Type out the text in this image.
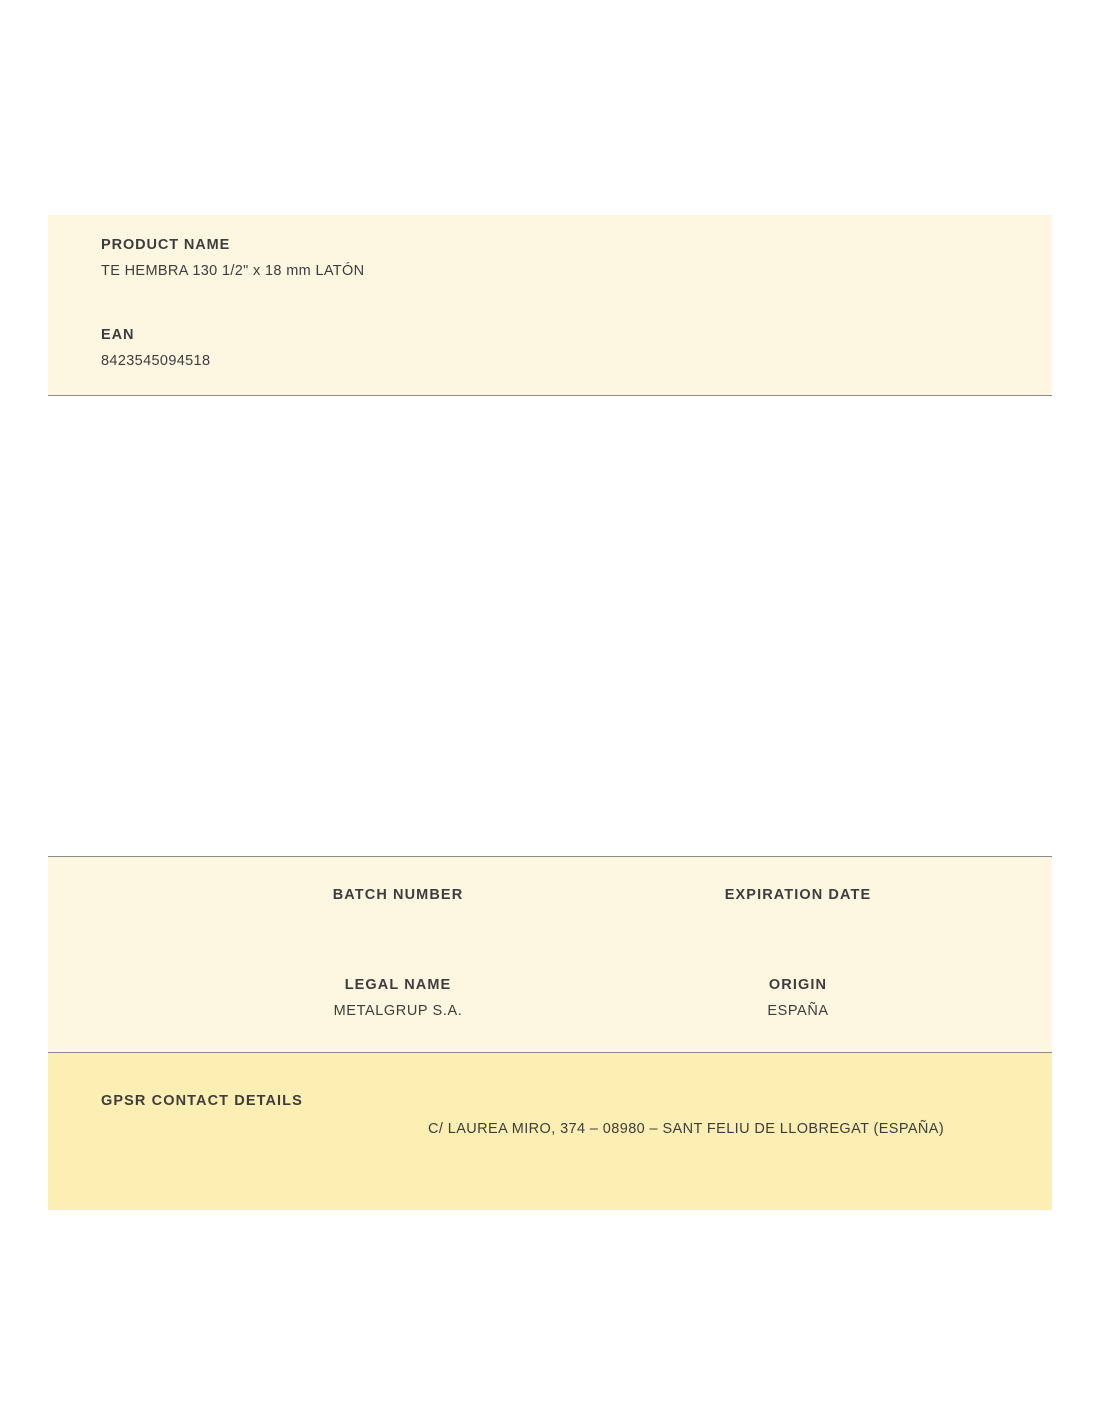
PRODUCT NAME
TE HEMBRA 130 1/2" x 18 mm LATÓN
EAN
8423545094518
BATCH NUMBER	EXPIRATION DATE
LEGAL NAME
METALGRUP S.A.
ORIGIN
ESPAÑA
GPSR CONTACT DETAILS
C/ LAUREA MIRO, 374 – 08980 – SANT FELIU DE LLOBREGAT (ESPAÑA)
